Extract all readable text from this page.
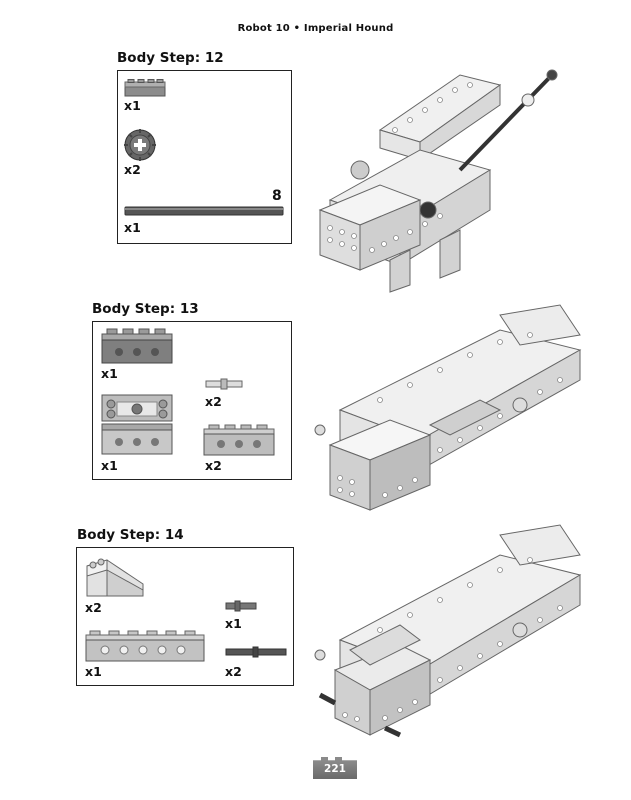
Robot 10 • Imperial Hound
Body Step: 12
x1
x2
8
x1
Body Step: 13
x1
x2
x1	x2
Body Step: 14
x2
x1
x1	x2
221
